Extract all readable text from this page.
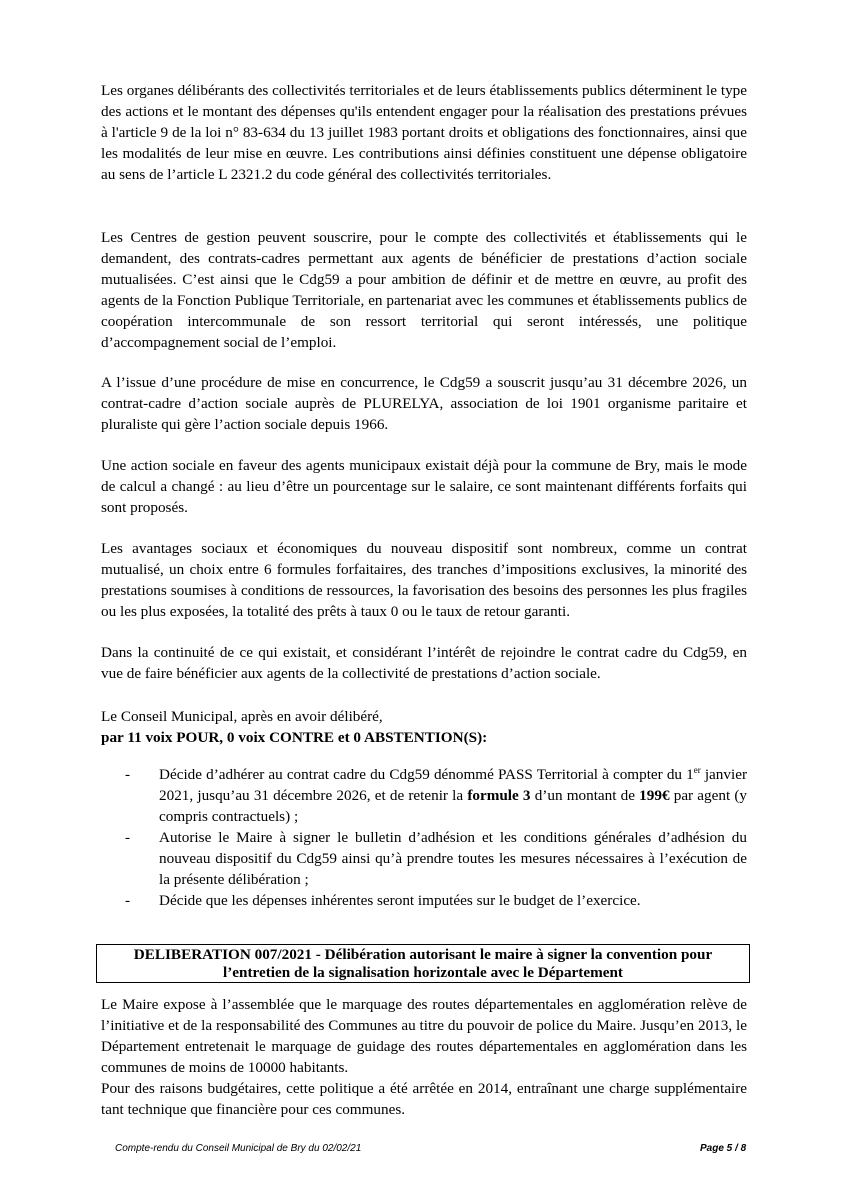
Les organes délibérants des collectivités territoriales et de leurs établissements publics déterminent le type des actions et le montant des dépenses qu'ils entendent engager pour la réalisation des prestations prévues à l'article 9 de la loi n° 83-634 du 13 juillet 1983 portant droits et obligations des fonctionnaires, ainsi que les modalités de leur mise en œuvre. Les contributions ainsi définies constituent une dépense obligatoire au sens de l’article L 2321.2 du code général des collectivités territoriales.

Les Centres de gestion peuvent souscrire, pour le compte des collectivités et établissements qui le demandent, des contrats-cadres permettant aux agents de bénéficier de prestations d’action sociale mutualisées. C’est ainsi que le Cdg59 a pour ambition de définir et de mettre en œuvre, au profit des agents de la Fonction Publique Territoriale, en partenariat avec les communes et établissements publics de coopération intercommunale de son ressort territorial qui seront intéressés, une politique d’accompagnement social de l’emploi.

A l’issue d’une procédure de mise en concurrence, le Cdg59 a souscrit jusqu’au 31 décembre 2026, un contrat-cadre d’action sociale auprès de PLURELYA, association de loi 1901 organisme paritaire et pluraliste qui gère l’action sociale depuis 1966.

Une action sociale en faveur des agents municipaux existait déjà pour la commune de Bry, mais le mode de calcul a changé : au lieu d’être un pourcentage sur le salaire, ce sont maintenant différents forfaits qui sont proposés.

Les avantages sociaux et économiques du nouveau dispositif sont nombreux, comme un contrat mutualisé, un choix entre 6 formules forfaitaires, des tranches d’impositions exclusives, la minorité des prestations soumises à conditions de ressources, la favorisation des besoins des personnes les plus fragiles ou les plus exposées, la totalité des prêts à taux 0 ou le taux de retour garanti.

Dans la continuité de ce qui existait, et considérant l’intérêt de rejoindre le contrat cadre du Cdg59, en vue de faire bénéficier aux agents de la collectivité de prestations d’action sociale.

Le Conseil Municipal, après en avoir délibéré,
par 11 voix POUR, 0 voix CONTRE et 0 ABSTENTION(S):

- Décide d’adhérer au contrat cadre du Cdg59 dénommé PASS Territorial à compter du 1er janvier 2021, jusqu’au 31 décembre 2026, et de retenir la formule 3 d’un montant de 199€ par agent (y compris contractuels) ;
- Autorise le Maire à signer le bulletin d’adhésion et les conditions générales d’adhésion du nouveau dispositif du Cdg59 ainsi qu’à prendre toutes les mesures nécessaires à l’exécution de la présente délibération ;
- Décide que les dépenses inhérentes seront imputées sur le budget de l’exercice.
DELIBERATION 007/2021 - Délibération autorisant le maire à signer la convention pour
l’entretien de la signalisation horizontale avec le Département

Le Maire expose à l’assemblée que le marquage des routes départementales en agglomération relève de l’initiative et de la responsabilité des Communes au titre du pouvoir de police du Maire. Jusqu’en 2013, le Département entretenait le marquage de guidage des routes départementales en agglomération dans les communes de moins de 10000 habitants.

Pour des raisons budgétaires, cette politique a été arrêtée en 2014, entraînant une charge supplémentaire tant technique que financière pour ces communes.

Compte-rendu du Conseil Municipal de Bry du 02/02/21	Page 5 / 8
